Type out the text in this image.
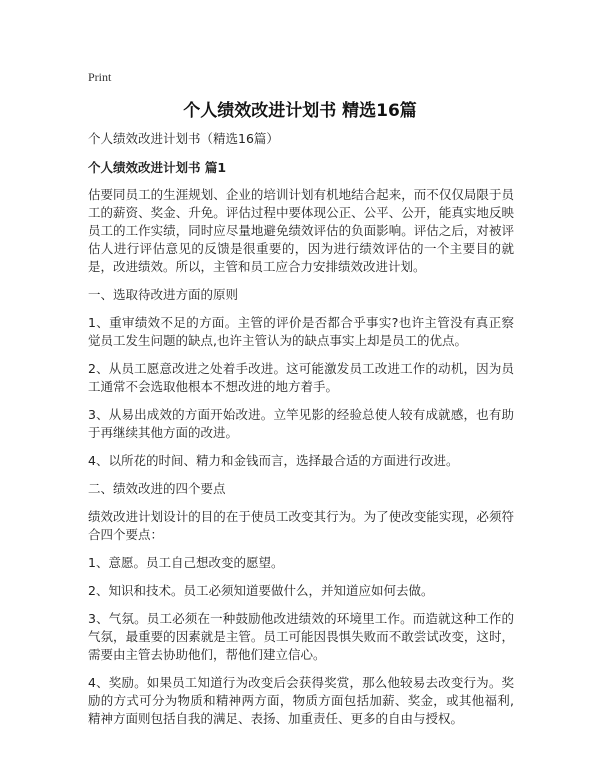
Print
个人绩效改进计划书 精选16篇

个人绩效改进计划书（精选16篇）

个人绩效改进计划书 篇1

估要同员工的生涯规划、企业的培训计划有机地结合起来，而不仅仅局限于员工的薪资、奖金、升免。评估过程中要体现公正、公平、公开，能真实地反映员工的工作实绩，同时应尽量地避免绩效评估的负面影响。评估之后，对被评估人进行评估意见的反馈是很重要的，因为进行绩效评估的一个主要目的就是，改进绩效。所以，主管和员工应合力安排绩效改进计划。

一、选取待改进方面的原则

1、重审绩效不足的方面。主管的评价是否都合乎事实?也许主管没有真正察觉员工发生问题的缺点,也许主管认为的缺点事实上却是员工的优点。

2、从员工愿意改进之处着手改进。这可能激发员工改进工作的动机，因为员工通常不会选取他根本不想改进的地方着手。

3、从易出成效的方面开始改进。立竿见影的经验总使人较有成就感，也有助于再继续其他方面的改进。

4、以所花的时间、精力和金钱而言，选择最合适的方面进行改进。

二、绩效改进的四个要点

绩效改进计划设计的目的在于使员工改变其行为。为了使改变能实现，必须符合四个要点：

1、意愿。员工自己想改变的愿望。

2、知识和技术。员工必须知道要做什么，并知道应如何去做。

3、气氛。员工必须在一种鼓励他改进绩效的环境里工作。而造就这种工作的气氛，最重要的因素就是主管。员工可能因畏惧失败而不敢尝试改变，这时，需要由主管去协助他们，帮他们建立信心。

4、奖励。如果员工知道行为改变后会获得奖赏，那么他较易去改变行为。奖励的方式可分为物质和精神两方面，物质方面包括加薪、奖金，或其他福利,精神方面则包括自我的满足、表扬、加重责任、更多的自由与授权。
